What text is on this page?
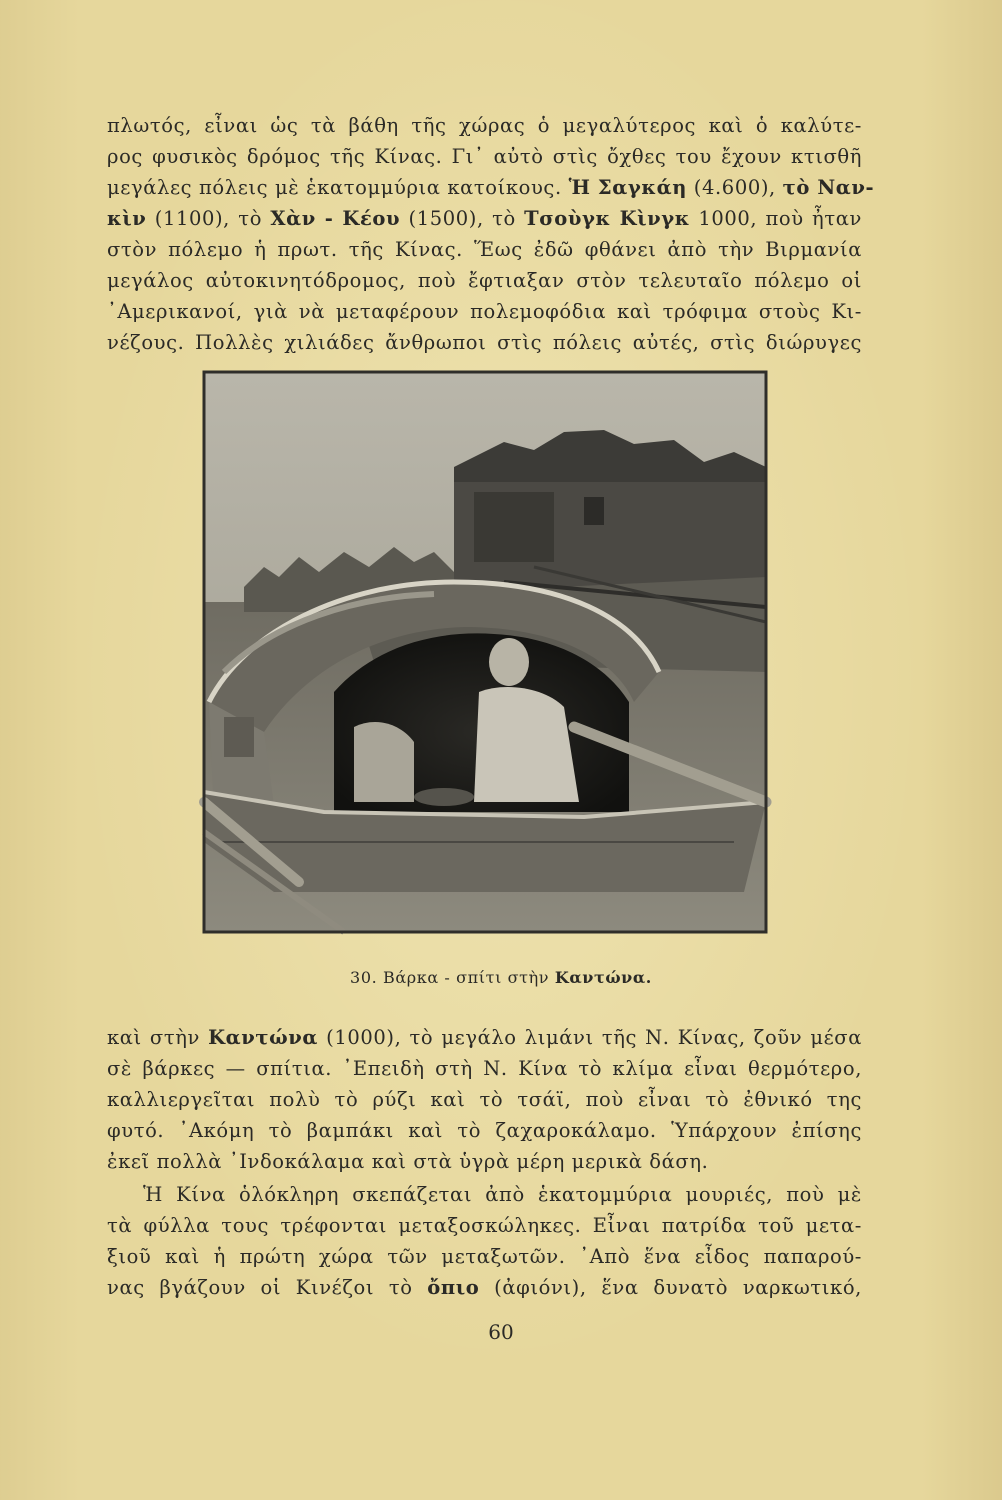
πλωτός, εἶναι ὡς τὰ βάθη τῆς χώρας ὁ μεγαλύτερος καὶ ὁ καλύτε-
ρος φυσικὸς δρόμος τῆς Κίνας. Γι᾽ αὐτὸ στὶς ὄχθες του ἔχουν κτισθῆ
μεγάλες πόλεις μὲ ἑκατομμύρια κατοίκους. Ἡ Σαγκάη (4.600), τὸ Ναν-
κὶν (1100), τὸ Χὰν - Κέου (1500), τὸ Τσοὺγκ Κὶνγκ 1000, ποὺ ἦταν
στὸν πόλεμο ἡ πρωτ. τῆς Κίνας. Ἕως ἐδῶ φθάνει ἀπὸ τὴν Βιρμανία
μεγάλος αὐτοκινητόδρομος, ποὺ ἔφτιαξαν στὸν τελευταῖο πόλεμο οἱ
᾽Αμερικανοί, γιὰ νὰ μεταφέρουν πολεμοφόδια καὶ τρόφιμα στοὺς Κι-
νέζους. Πολλὲς χιλιάδες ἄνθρωποι στὶς πόλεις αὐτές, στὶς διώρυγες
30. Βάρκα - σπίτι στὴν Καντώνα.
καὶ στὴν Καντώνα (1000), τὸ μεγάλο λιμάνι τῆς Ν. Κίνας, ζοῦν μέσα
σὲ βάρκες — σπίτια. ᾽Επειδὴ στὴ Ν. Κίνα τὸ κλίμα εἶναι θερμότερο,
καλλιεργεῖται πολὺ τὸ ρύζι καὶ τὸ τσάϊ, ποὺ εἶναι τὸ ἐθνικό της
φυτό. ᾽Ακόμη τὸ βαμπάκι καὶ τὸ ζαχαροκάλαμο. Ὑπάρχουν ἐπίσης
ἐκεῖ πολλὰ ᾽Ινδοκάλαμα καὶ στὰ ὑγρὰ μέρη μερικὰ δάση.
Ἡ Κίνα ὁλόκληρη σκεπάζεται ἀπὸ ἑκατομμύρια μουριές, ποὺ μὲ
τὰ φύλλα τους τρέφονται μεταξοσκώληκες. Εἶναι πατρίδα τοῦ μετα-
ξιοῦ καὶ ἡ πρώτη χώρα τῶν μεταξωτῶν. ᾽Απὸ ἕνα εἶδος παπαρού-
νας βγάζουν οἱ Κινέζοι τὸ ὄπιο (ἀφιόνι), ἕνα δυνατὸ ναρκωτικό,
60
